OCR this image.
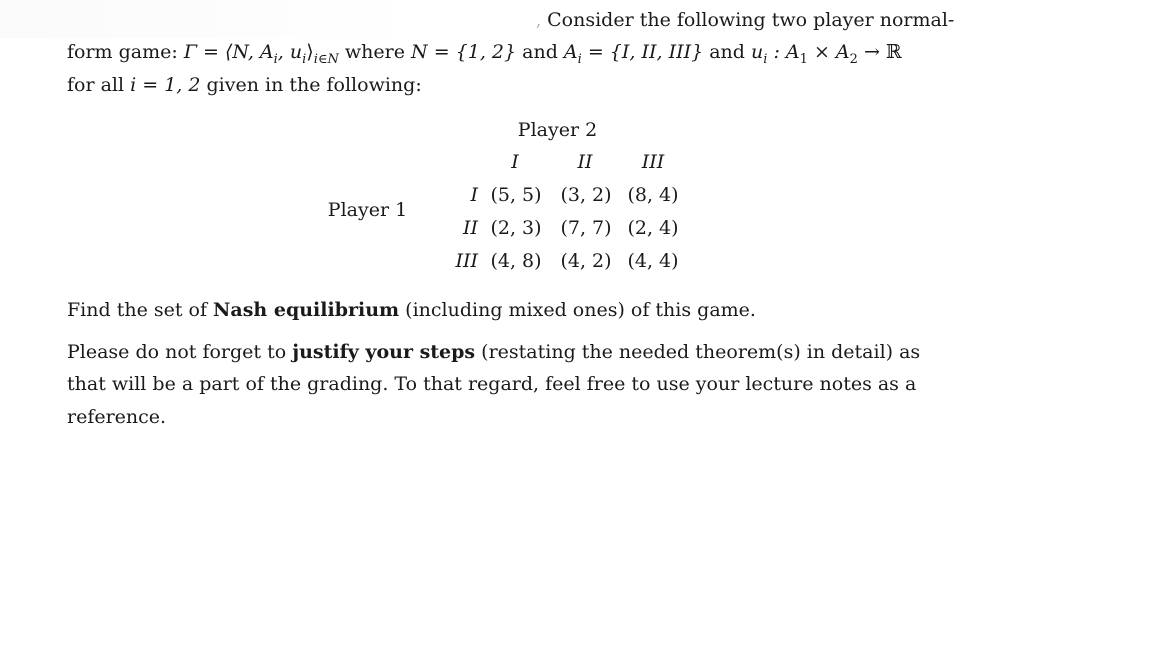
, Consider the following two player normal-
form game: Γ = ⟨N, $A_i$, $u_i⟩_{i\in N}$ where N = {1, 2} and $A_i = \{I$, II, III} and $u_i$ : $A_1 \times A_2$ → ℝ
for all i = 1, 2 given in the following:
Player 2
Player 1
I	II	III
I (5, 5) (3, 2) (8, 4)
II (2, 3) (7, 7) (2, 4)
III (4, 8) (4, 2) (4, 4)
Find the set of Nash equilibrium (including mixed ones) of this game.
Please do not forget to justify your steps (restating the needed theorem(s) in detail) as
that will be a part of the grading. To that regard, feel free to use your lecture notes as a
reference.
